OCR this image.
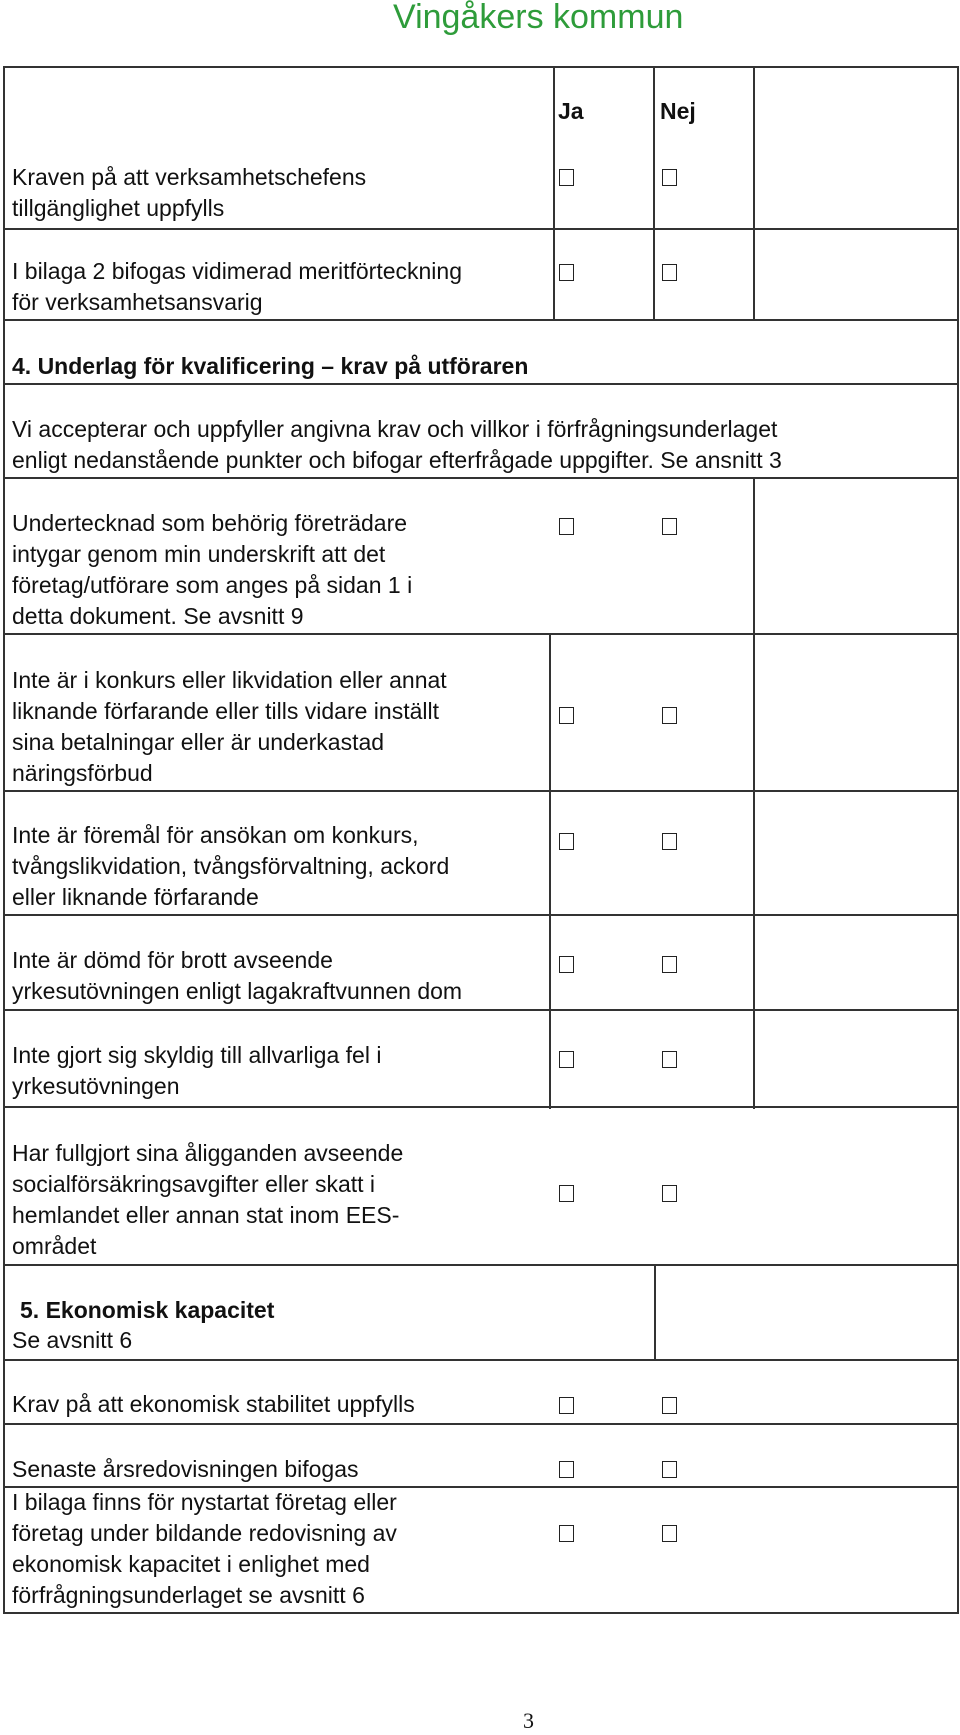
Vingåkers kommun
Ja	Nej
Kraven på att verksamhetschefens
tillgänglighet uppfylls
I bilaga 2 bifogas vidimerad meritförteckning
för verksamhetsansvarig
4. Underlag för kvalificering – krav på utföraren
Vi accepterar och uppfyller angivna krav och villkor i förfrågningsunderlaget
enligt nedanstående punkter och bifogar efterfrågade uppgifter. Se ansnitt 3
Undertecknad som behörig företrädare
intygar genom min underskrift att det
företag/utförare som anges på sidan 1 i
detta dokument. Se avsnitt 9
Inte är i konkurs eller likvidation eller annat
liknande förfarande eller tills vidare inställt
sina betalningar eller är underkastad
näringsförbud
Inte är föremål för ansökan om konkurs,
tvångslikvidation, tvångsförvaltning, ackord
eller liknande förfarande
Inte är dömd för brott avseende
yrkesutövningen enligt lagakraftvunnen dom
Inte gjort sig skyldig till allvarliga fel i
yrkesutövningen
Har fullgjort sina åligganden avseende
socialförsäkringsavgifter eller skatt i
hemlandet eller annan stat inom EES-
området
5. Ekonomisk kapacitet
Se avsnitt 6
Krav på att ekonomisk stabilitet uppfylls
Senaste årsredovisningen bifogas
I bilaga finns för nystartat företag eller
företag under bildande redovisning av
ekonomisk kapacitet i enlighet med
förfrågningsunderlaget se avsnitt 6
3
